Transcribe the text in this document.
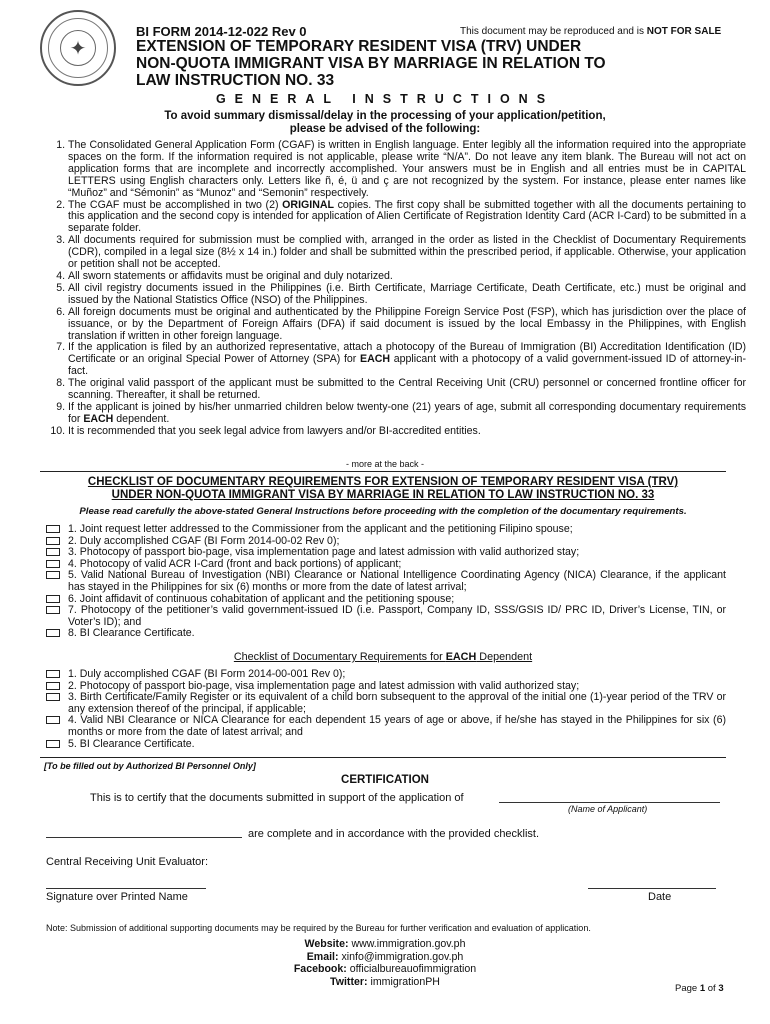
✦
BI FORM 2014-12-022 Rev 0	This document may be reproduced and is NOT FOR SALE
EXTENSION OF TEMPORARY RESIDENT VISA (TRV) UNDER
NON-QUOTA IMMIGRANT VISA BY MARRIAGE IN RELATION TO
LAW INSTRUCTION NO. 33
GENERAL INSTRUCTIONS
To avoid summary dismissal/delay in the processing of your application/petition,
please be advised of the following:
1. The Consolidated General Application Form (CGAF) is written in English language. Enter legibly all the information required into the appropriate spaces on the form. If the information required is not applicable, please write “N/A”. Do not leave any item blank. The Bureau will not act on application forms that are incomplete and incorrectly accomplished. Your answers must be in English and all entries must be in CAPITAL LETTERS using English characters only. Letters like ñ, é, ü and ç are not recognized by the system. For instance, please enter names like “Muñoz” and “Sémonin” as “Munoz” and “Semonin” respectively.
2. The CGAF must be accomplished in two (2) ORIGINAL copies. The first copy shall be submitted together with all the documents pertaining to this application and the second copy is intended for application of Alien Certificate of Registration Identity Card (ACR I-Card) to be submitted in a separate folder.
3. All documents required for submission must be complied with, arranged in the order as listed in the Checklist of Documentary Requirements (CDR), compiled in a legal size (8½ x 14 in.) folder and shall be submitted within the prescribed period, if applicable. Otherwise, your application or petition shall not be accepted.
4. All sworn statements or affidavits must be original and duly notarized.
5. All civil registry documents issued in the Philippines (i.e. Birth Certificate, Marriage Certificate, Death Certificate, etc.) must be original and issued by the National Statistics Office (NSO) of the Philippines.
6. All foreign documents must be original and authenticated by the Philippine Foreign Service Post (FSP), which has jurisdiction over the place of issuance, or by the Department of Foreign Affairs (DFA) if said document is issued by the local Embassy in the Philippines, with English translation if written in other foreign language.
7. If the application is filed by an authorized representative, attach a photocopy of the Bureau of Immigration (BI) Accreditation Identification (ID) Certificate or an original Special Power of Attorney (SPA) for EACH applicant with a photocopy of a valid government-issued ID of attorney-in-fact.
8. The original valid passport of the applicant must be submitted to the Central Receiving Unit (CRU) personnel or concerned frontline officer for scanning. Thereafter, it shall be returned.
9. If the applicant is joined by his/her unmarried children below twenty-one (21) years of age, submit all corresponding documentary requirements for EACH dependent.
10. It is recommended that you seek legal advice from lawyers and/or BI-accredited entities.
- more at the back -
CHECKLIST OF DOCUMENTARY REQUIREMENTS FOR EXTENSION OF TEMPORARY RESIDENT VISA (TRV)
UNDER NON-QUOTA IMMIGRANT VISA BY MARRIAGE IN RELATION TO LAW INSTRUCTION NO. 33
Please read carefully the above-stated General Instructions before proceeding with the completion of the documentary requirements.
1. Joint request letter addressed to the Commissioner from the applicant and the petitioning Filipino spouse;
2. Duly accomplished CGAF (BI Form 2014-00-02 Rev 0);
3. Photocopy of passport bio-page, visa implementation page and latest admission with valid authorized stay;
4. Photocopy of valid ACR I-Card (front and back portions) of applicant;
5. Valid National Bureau of Investigation (NBI) Clearance or National Intelligence Coordinating Agency (NICA) Clearance, if the applicant has stayed in the Philippines for six (6) months or more from the date of latest arrival;
6. Joint affidavit of continuous cohabitation of applicant and the petitioning spouse;
7. Photocopy of the petitioner’s valid government-issued ID (i.e. Passport, Company ID, SSS/GSIS ID/ PRC ID, Driver’s License, TIN, or Voter’s ID); and
8. BI Clearance Certificate.
Checklist of Documentary Requirements for EACH Dependent
1. Duly accomplished CGAF (BI Form 2014-00-001 Rev 0);
2. Photocopy of passport bio-page, visa implementation page and latest admission with valid authorized stay;
3. Birth Certificate/Family Register or its equivalent of a child born subsequent to the approval of the initial one (1)-year period of the TRV or any extension thereof of the principal, if applicable;
4. Valid NBI Clearance or NICA Clearance for each dependent 15 years of age or above, if he/she has stayed in the Philippines for six (6) months or more from the date of latest arrival; and
5. BI Clearance Certificate.
[To be filled out by Authorized BI Personnel Only]
CERTIFICATION
This is to certify that the documents submitted in support of the application of
(Name of Applicant)
are complete and in accordance with the provided checklist.
Central Receiving Unit Evaluator:
Signature over Printed Name	Date
Note: Submission of additional supporting documents may be required by the Bureau for further verification and evaluation of application.
Website: www.immigration.gov.ph
Email: xinfo@immigration.gov.ph
Facebook: officialbureauofimmigration
Twitter: immigrationPH
Page 1 of 3
